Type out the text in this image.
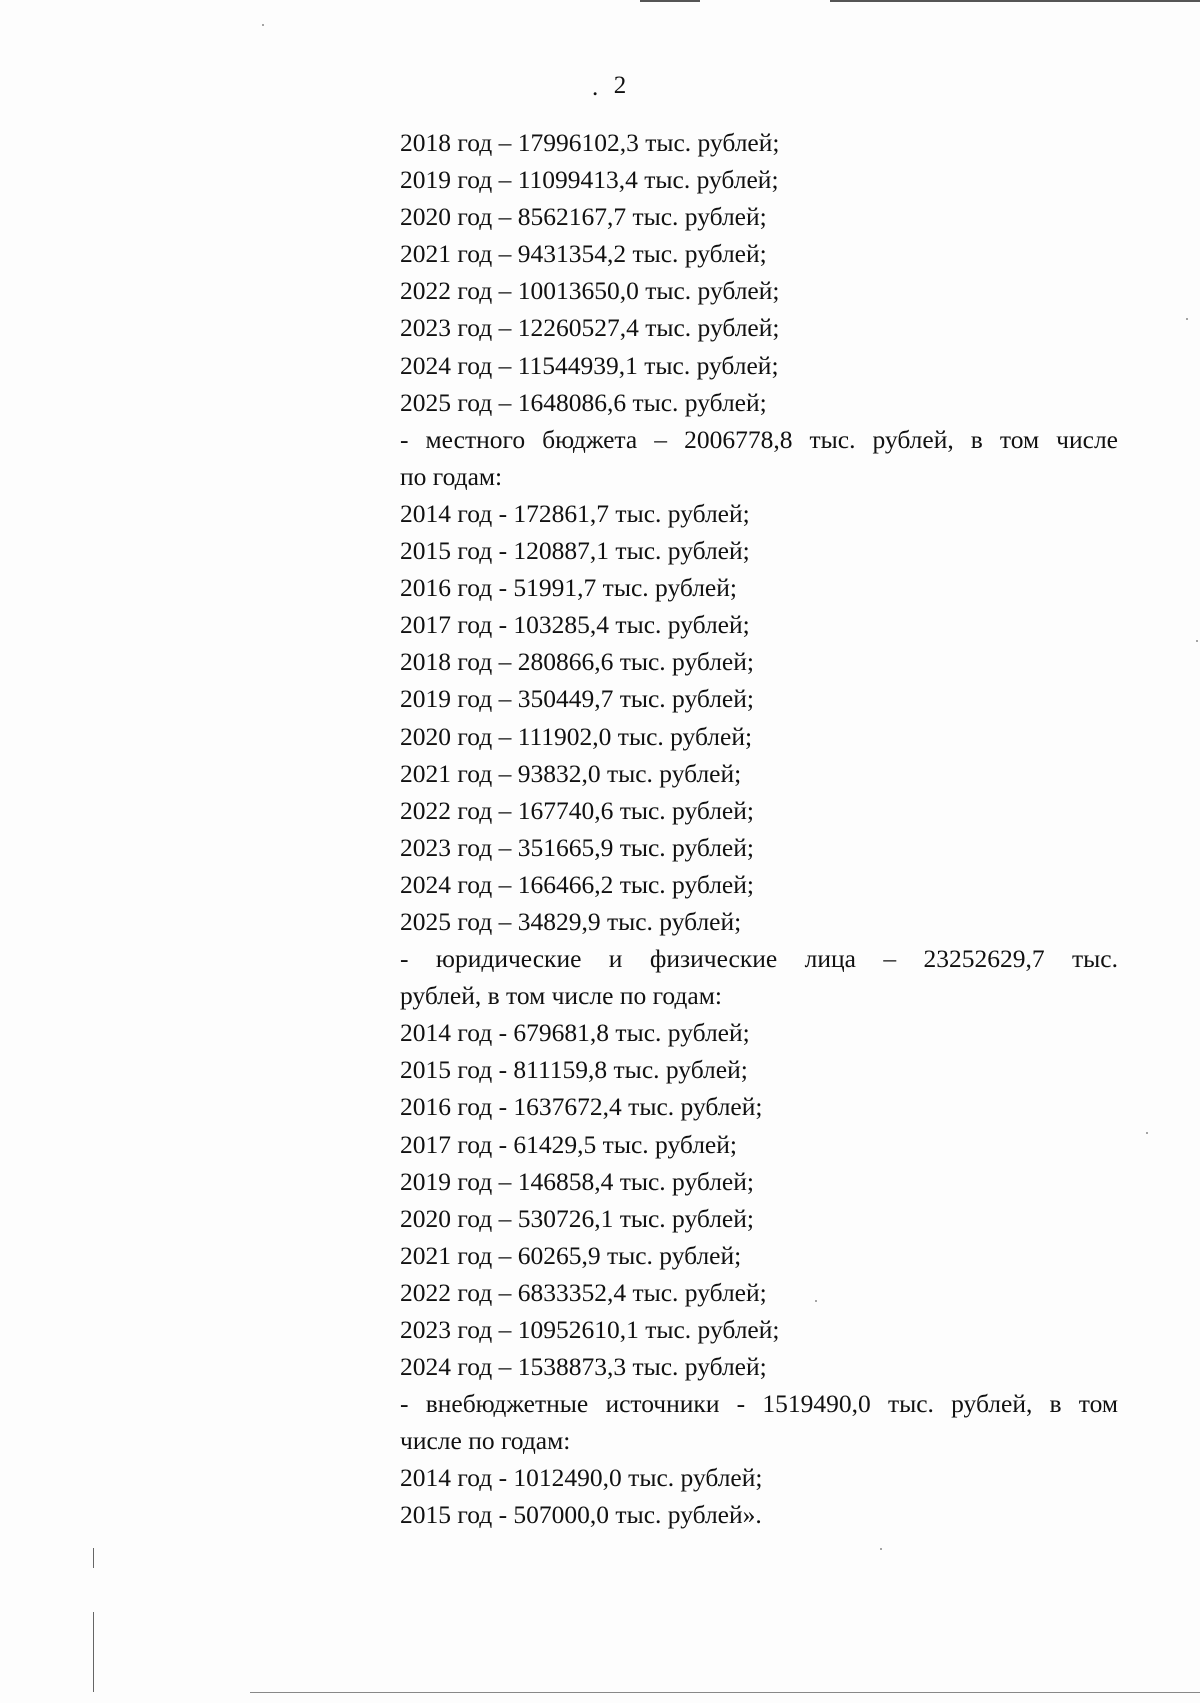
. 2
2018 год – 17996102,3 тыс. рублей;
2019 год – 11099413,4 тыс. рублей;
2020 год – 8562167,7 тыс. рублей;
2021 год – 9431354,2 тыс. рублей;
2022 год – 10013650,0 тыс. рублей;
2023 год – 12260527,4 тыс. рублей;
2024 год – 11544939,1 тыс. рублей;
2025 год – 1648086,6 тыс. рублей;
- местного бюджета – 2006778,8 тыс. рублей, в том числе
по годам:
2014 год - 172861,7 тыс. рублей;
2015 год - 120887,1 тыс. рублей;
2016 год - 51991,7 тыс. рублей;
2017 год - 103285,4 тыс. рублей;
2018 год – 280866,6 тыс. рублей;
2019 год – 350449,7 тыс. рублей;
2020 год – 111902,0 тыс. рублей;
2021 год – 93832,0 тыс. рублей;
2022 год – 167740,6 тыс. рублей;
2023 год – 351665,9 тыс. рублей;
2024 год – 166466,2 тыс. рублей;
2025 год – 34829,9 тыс. рублей;
- юридические и физические лица – 23252629,7 тыс.
рублей, в том числе по годам:
2014 год - 679681,8 тыс. рублей;
2015 год - 811159,8 тыс. рублей;
2016 год - 1637672,4 тыс. рублей;
2017 год - 61429,5 тыс. рублей;
2019 год – 146858,4 тыс. рублей;
2020 год – 530726,1 тыс. рублей;
2021 год – 60265,9 тыс. рублей;
2022 год – 6833352,4 тыс. рублей;
2023 год – 10952610,1 тыс. рублей;
2024 год – 1538873,3 тыс. рублей;
- внебюджетные источники - 1519490,0 тыс. рублей, в том
числе по годам:
2014 год - 1012490,0 тыс. рублей;
2015 год - 507000,0 тыс. рублей».
